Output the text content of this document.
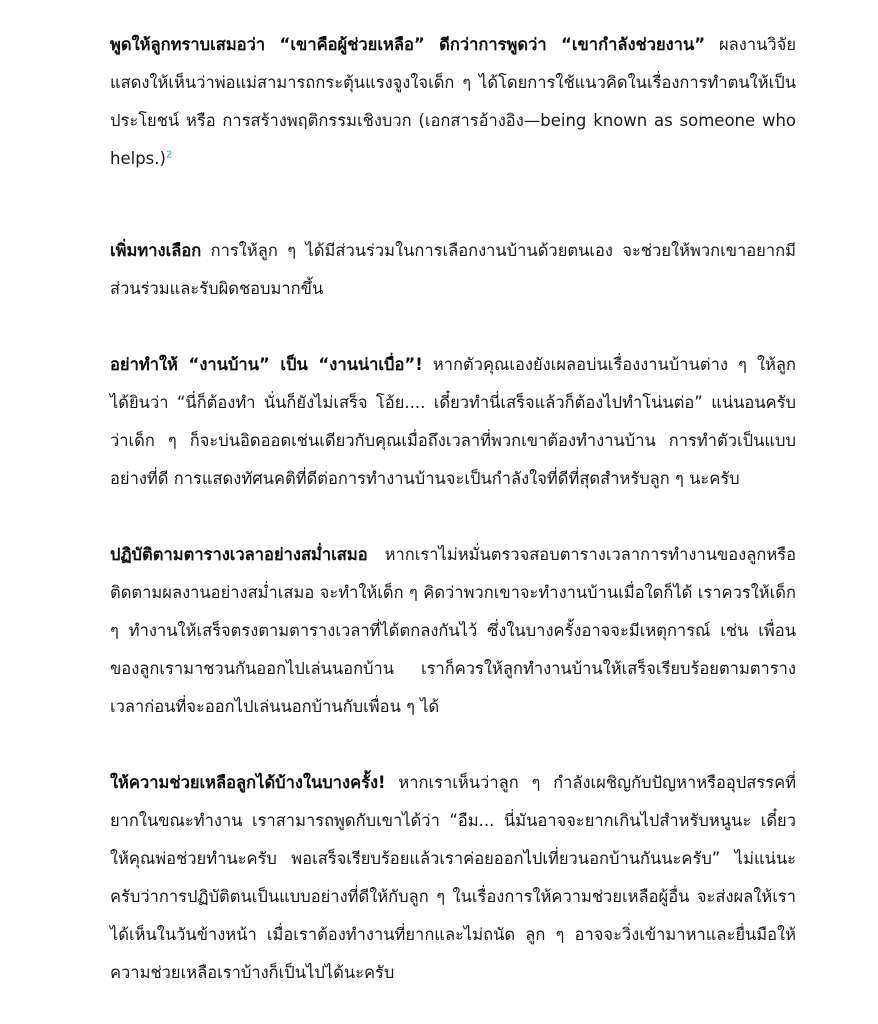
พูดให้ลูกทราบเสมอว่า “เขาคือผู้ช่วยเหลือ” ดีกว่าการพูดว่า “เขากำลังช่วยงาน” ผลงานวิจัยแสดงให้เห็นว่าพ่อแม่สามารถกระตุ้นแรงจูงใจเด็ก ๆ ได้โดยการใช้แนวคิดในเรื่องการทำตนให้เป็นประโยชน์ หรือ การสร้างพฤติกรรมเชิงบวก (เอกสารอ้างอิง—being known as someone who helps.)$^2$

เพิ่มทางเลือก การให้ลูก ๆ ได้มีส่วนร่วมในการเลือกงานบ้านด้วยตนเอง จะช่วยให้พวกเขาอยากมีส่วนร่วมและรับผิดชอบมากขึ้น

อย่าทำให้ “งานบ้าน” เป็น “งานน่าเบื่อ”! หากตัวคุณเองยังเผลอบ่นเรื่องงานบ้านต่าง ๆ ให้ลูกได้ยินว่า “นี่ก็ต้องทำ นั่นก็ยังไม่เสร็จ โอ้ย.... เดี๋ยวทำนี่เสร็จแล้วก็ต้องไปทำโน่นต่อ” แน่นอนครับว่าเด็ก ๆ ก็จะบ่นอิดออดเช่นเดียวกับคุณเมื่อถึงเวลาที่พวกเขาต้องทำงานบ้าน การทำตัวเป็นแบบอย่างที่ดี การแสดงทัศนคติที่ดีต่อการทำงานบ้านจะเป็นกำลังใจที่ดีที่สุดสำหรับลูก ๆ นะครับ

ปฏิบัติตามตารางเวลาอย่างสม่ำเสมอ หากเราไม่หมั่นตรวจสอบตารางเวลาการทำงานของลูกหรือติดตามผลงานอย่างสม่ำเสมอ จะทำให้เด็ก ๆ คิดว่าพวกเขาจะทำงานบ้านเมื่อใดก็ได้ เราควรให้เด็ก ๆ ทำงานให้เสร็จตรงตามตารางเวลาที่ได้ตกลงกันไว้ ซึ่งในบางครั้งอาจจะมีเหตุการณ์ เช่น เพื่อนของลูกเรามาชวนกันออกไปเล่นนอกบ้าน เราก็ควรให้ลูกทำงานบ้านให้เสร็จเรียบร้อยตามตารางเวลาก่อนที่จะออกไปเล่นนอกบ้านกับเพื่อน ๆ ได้

ให้ความช่วยเหลือลูกได้บ้างในบางครั้ง! หากเราเห็นว่าลูก ๆ กำลังเผชิญกับปัญหาหรืออุปสรรคที่ยากในขณะทำงาน เราสามารถพูดกับเขาได้ว่า “อืม... นี่มันอาจจะยากเกินไปสำหรับหนูนะ เดี๋ยวให้คุณพ่อช่วยทำนะครับ พอเสร็จเรียบร้อยแล้วเราค่อยออกไปเที่ยวนอกบ้านกันนะครับ” ไม่แน่นะครับว่าการปฏิบัติตนเป็นแบบอย่างที่ดีให้กับลูก ๆ ในเรื่องการให้ความช่วยเหลือผู้อื่น จะส่งผลให้เราได้เห็นในวันข้างหน้า เมื่อเราต้องทำงานที่ยากและไม่ถนัด ลูก ๆ อาจจะวิ่งเข้ามาหาและยื่นมือให้ความช่วยเหลือเราบ้างก็เป็นไปได้นะครับ
